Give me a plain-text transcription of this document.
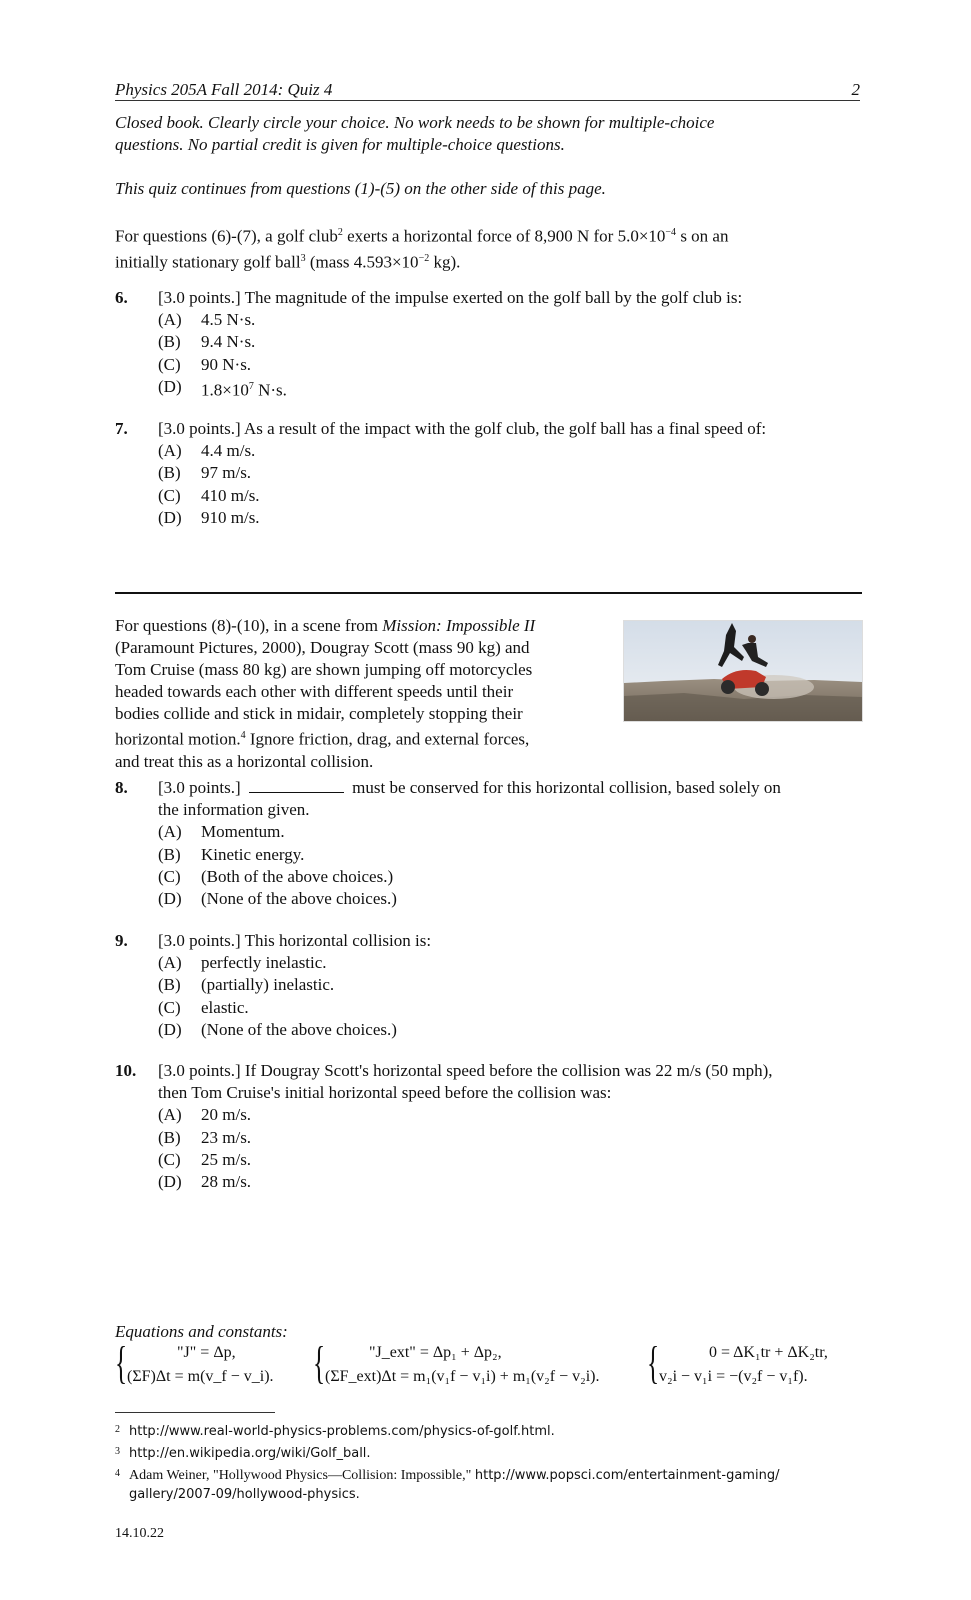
Physics 205A Fall 2014: Quiz 4	2
Closed book. Clearly circle your choice. No work needs to be shown for multiple-choice
questions. No partial credit is given for multiple-choice questions.
This quiz continues from questions (1)-(5) on the other side of this page.
For questions (6)-(7), a golf club$^2$ exerts a horizontal force of 8,900 N for $5.0\times 10^{-4}$ s on an
initially stationary golf ball$^3$ (mass $4.593\times 10^{-2}$ kg).
6. [3.0 points.] The magnitude of the impulse exerted on the golf ball by the golf club is:
(A)	4.5 N·s.
(B)	9.4 N·s.
(C)	90 N·s.
(D)	$1.8\times 10^7$ N·s.
7. [3.0 points.] As a result of the impact with the golf club, the golf ball has a final speed of:
(A)	4.4 m/s.
(B)	97 m/s.
(C)	410 m/s.
(D)	910 m/s.
For questions (8)-(10), in a scene from Mission: Impossible II
(Paramount Pictures, 2000), Dougray Scott (mass 90 kg) and
Tom Cruise (mass 80 kg) are shown jumping off motorcycles
headed towards each other with different speeds until their
bodies collide and stick in midair, completely stopping their
horizontal motion.$^4$ Ignore friction, drag, and external forces,
and treat this as a horizontal collision.
8. [3.0 points.]	must be conserved for this horizontal collision, based solely on
the information given.
(A)	Momentum.
(B)	Kinetic energy.
(C)	(Both of the above choices.)
(D)	(None of the above choices.)
9. [3.0 points.] This horizontal collision is:
(A)	perfectly inelastic.
(B)	(partially) inelastic.
(C)	elastic.
(D)	(None of the above choices.)
10. [3.0 points.] If Dougray Scott's horizontal speed before the collision was 22 m/s (50 mph),
then Tom Cruise's initial horizontal speed before the collision was:
(A)	20 m/s.
(B)	23 m/s.
(C)	25 m/s.
(D)	28 m/s.
Equations and constants:
{	"J" = Δp,
(ΣF)Δt = m(v_f − v_i). {	"J_ext" = Δp₁ + Δp₂,
(ΣF_ext)Δt = m₁(v₁f − v₁i) + m₁(v₂f − v₂i). {	0 = ΔK₁tr + ΔK₂tr,
v₂i − v₁i = −(v₂f − v₁f).
2 http://www.real-world-physics-problems.com/physics-of-golf.html.
3 http://en.wikipedia.org/wiki/Golf_ball.
4 Adam Weiner, "Hollywood Physics—Collision: Impossible," http://www.popsci.com/entertainment-gaming/
gallery/2007-09/hollywood-physics.
14.10.22
